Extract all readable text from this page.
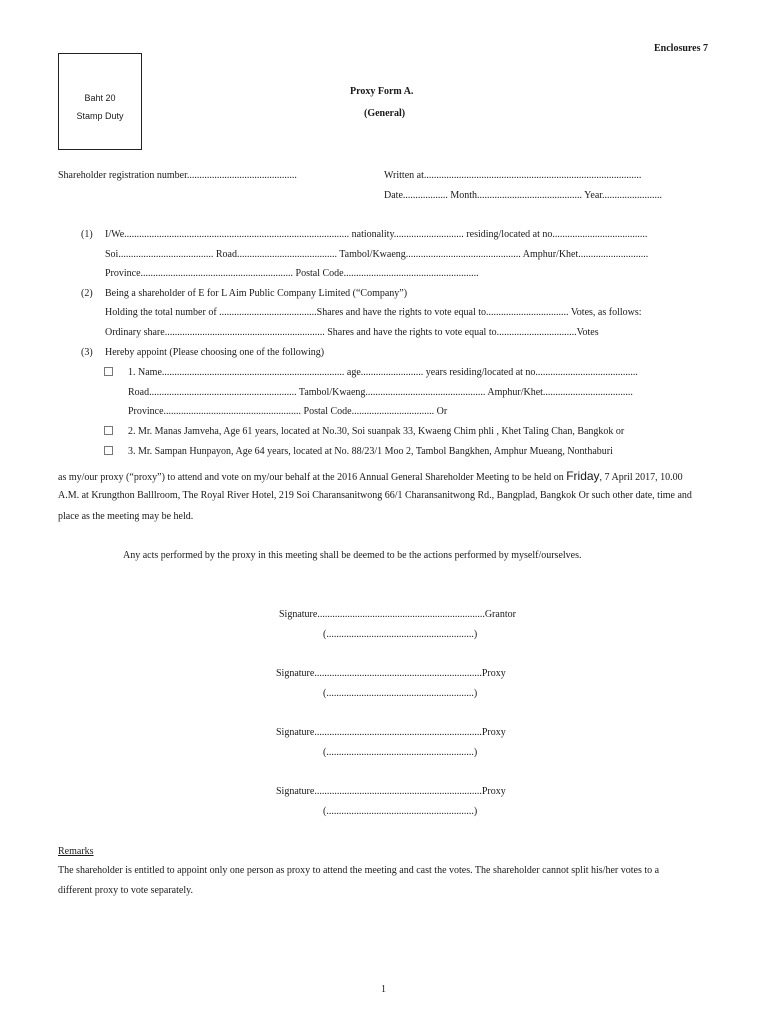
Enclosures 7
Baht 20
Stamp Duty
Proxy Form A.
(General)
Shareholder registration number............................................	Written at.......................................................................................
Date.................. Month.......................................... Year........................
(1) I/We.......................................................................................... nationality............................ residing/located at no......................................
Soi...................................... Road........................................ Tambol/Kwaeng.............................................. Amphur/Khet............................
Province............................................................. Postal Code......................................................
(2) Being a shareholder of E for L Aim Public Company Limited (“Company”)
Holding the total number of .......................................Shares and have the rights to vote equal to................................. Votes, as follows:
Ordinary share................................................................ Shares and have the rights to vote equal to................................Votes
(3) Hereby appoint (Please choosing one of the following)
1. Name......................................................................... age......................... years residing/located at no.........................................
Road........................................................... Tambol/Kwaeng................................................ Amphur/Khet....................................
Province....................................................... Postal Code................................. Or
2. Mr. Manas Jamveha, Age 61 years, located at No.30, Soi suanpak 33, Kwaeng Chim phli , Khet Taling Chan, Bangkok or
3. Mr. Sampan Hunpayon, Age 64 years, located at No. 88/23/1 Moo 2, Tambol Bangkhen, Amphur Mueang, Nonthaburi
as my/our proxy (“proxy”) to attend and vote on my/our behalf at the 2016 Annual General Shareholder Meeting to be held on Friday, 7 April 2017, 10.00
A.M. at Krungthon Balllroom, The Royal River Hotel, 219 Soi Charansanitwong 66/1 Charansanitwong Rd., Bangplad, Bangkok Or such other date, time and
place as the meeting may be held.
Any acts performed by the proxy in this meeting shall be deemed to be the actions performed by myself/ourselves.
Signature...................................................................Grantor
(...........................................................)
Signature...................................................................Proxy
(...........................................................)
Signature...................................................................Proxy
(...........................................................)
Signature...................................................................Proxy
(...........................................................)
Remarks
The shareholder is entitled to appoint only one person as proxy to attend the meeting and cast the votes. The shareholder cannot split his/her votes to a
different proxy to vote separately.
1
